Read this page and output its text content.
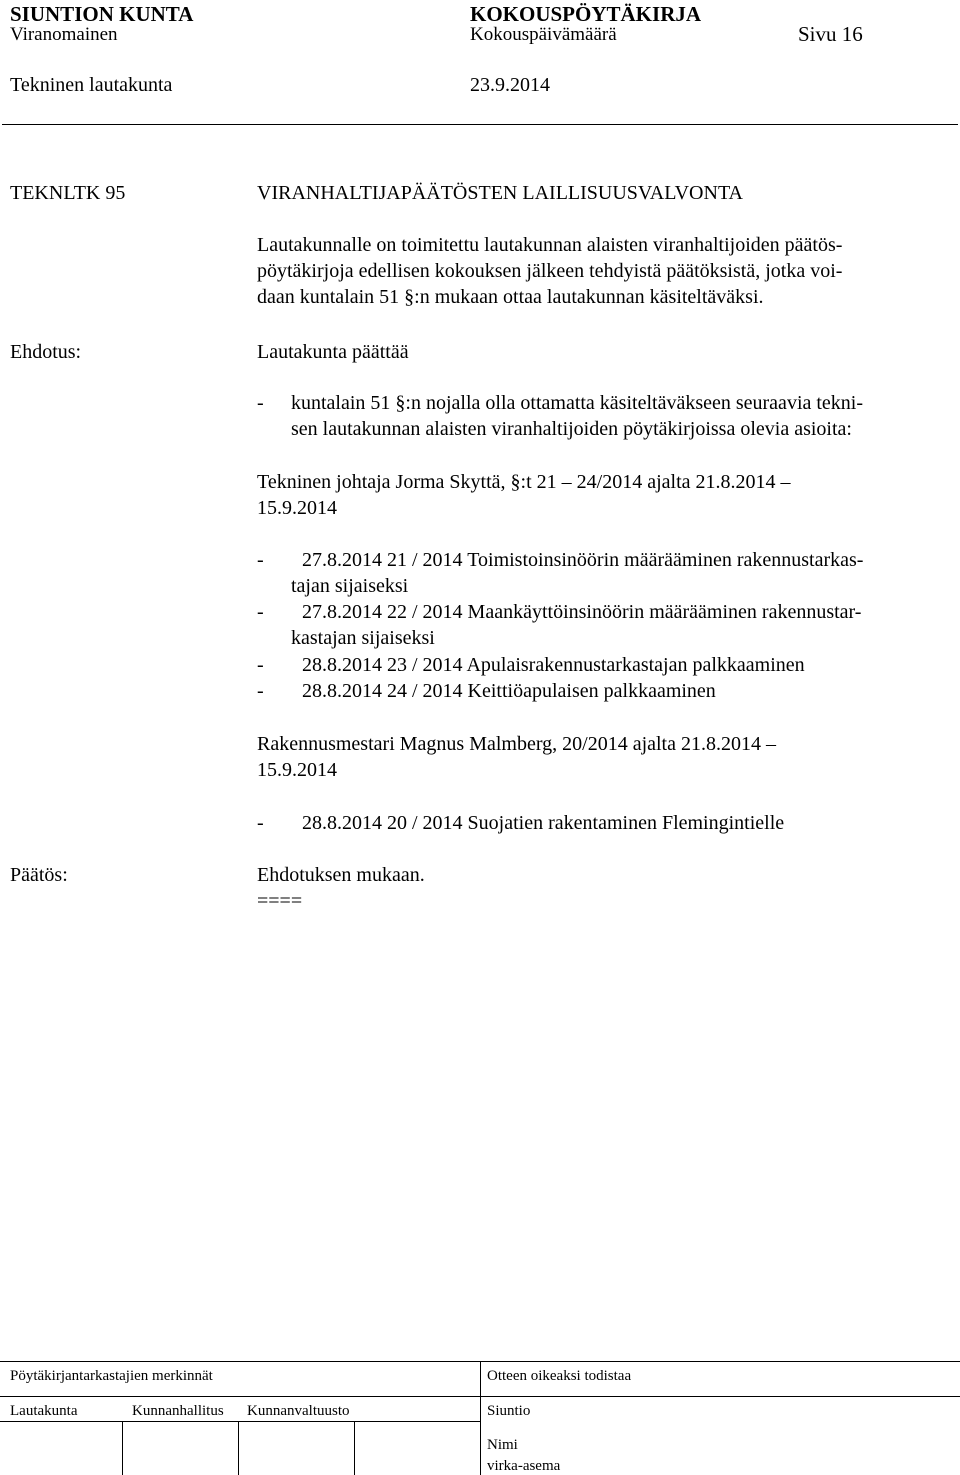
SIUNTION KUNTA	KOKOUSPÖYTÄKIRJA
Viranomainen	Kokouspäivämäärä	Sivu 16
Tekninen lautakunta	23.9.2014
TEKNLTK 95	VIRANHALTIJAPÄÄTÖSTEN LAILLISUUSVALVONTA
Lautakunnalle on toimitettu lautakunnan alaisten viranhaltijoiden päätös-
pöytäkirjoja edellisen kokouksen jälkeen tehdyistä päätöksistä, jotka voi-
daan kuntalain 51 §:n mukaan ottaa lautakunnan käsiteltäväksi.
Ehdotus:	Lautakunta päättää
- kuntalain 51 §:n nojalla olla ottamatta käsiteltäväkseen seuraavia tekni-
sen lautakunnan alaisten viranhaltijoiden pöytäkirjoissa olevia asioita:
Tekninen johtaja Jorma Skyttä, §:t 21 – 24/2014 ajalta 21.8.2014 –
15.9.2014
- 27.8.2014 21 / 2014 Toimistoinsinöörin määrääminen rakennustarkas-
tajan sijaiseksi
- 27.8.2014 22 / 2014 Maankäyttöinsinöörin määrääminen rakennustar-
kastajan sijaiseksi
- 28.8.2014 23 / 2014 Apulaisrakennustarkastajan palkkaaminen
- 28.8.2014 24 / 2014 Keittiöapulaisen palkkaaminen
Rakennusmestari Magnus Malmberg, 20/2014 ajalta 21.8.2014 –
15.9.2014
- 28.8.2014 20 / 2014 Suojatien rakentaminen Flemingintielle
Päätös:	Ehdotuksen mukaan.
====
Pöytäkirjantarkastajien merkinnät	Otteen oikeaksi todistaa
Lautakunta	Kunnanhallitus Kunnanvaltuusto	Siuntio
Nimi
virka-asema
